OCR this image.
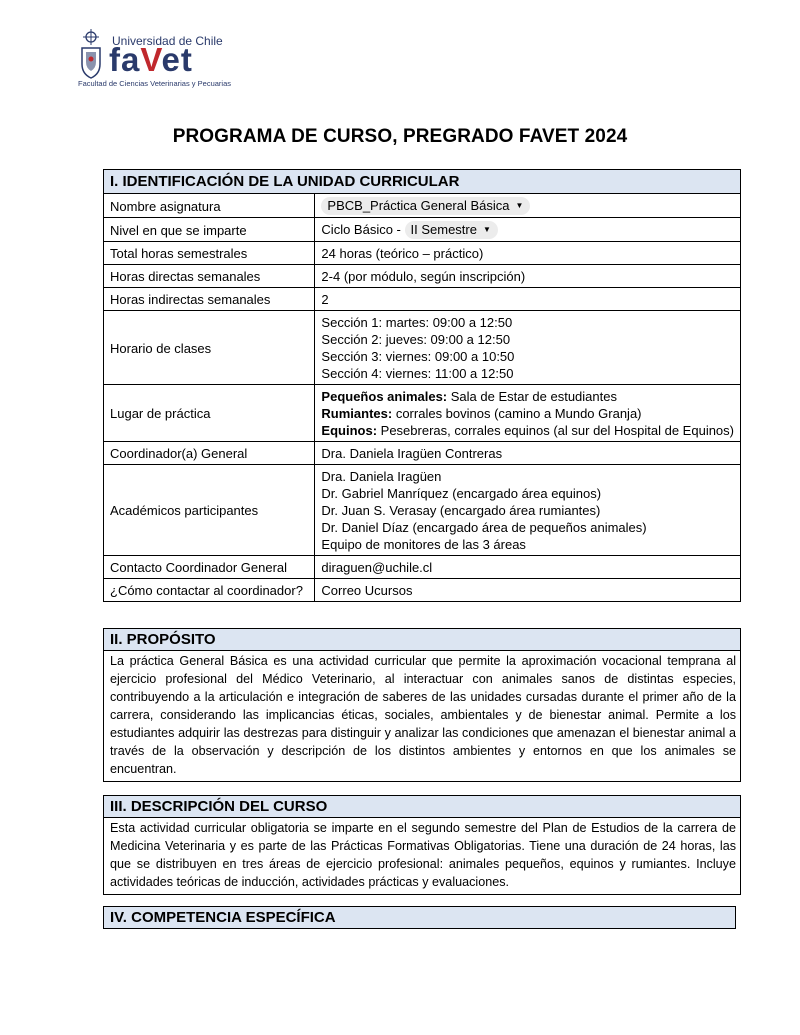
Universidad de Chile
faVet
Facultad de Ciencias Veterinarias y Pecuarias
PROGRAMA DE CURSO, PREGRADO FAVET 2024
I. IDENTIFICACIÓN DE LA UNIDAD CURRICULAR	
Nombre asignatura	PBCB_Práctica General Básica ▼
Nivel en que se imparte	Ciclo Básico - II Semestre ▼
Total horas semestrales	24 horas (teórico – práctico)
Horas directas semanales	2-4 (por módulo, según inscripción)
Horas indirectas semanales	2
Horario de clases	Sección 1: martes: 09:00 a 12:50
Sección 2: jueves: 09:00 a 12:50
Sección 3: viernes: 09:00 a 10:50
Sección 4: viernes: 11:00 a 12:50

Lugar de práctica	Pequeños animales: Sala de Estar de estudiantes
Rumiantes: corrales bovinos (camino a Mundo Granja)
Equinos: Pesebreras, corrales equinos (al sur del Hospital de Equinos)

Coordinador(a) General	Dra. Daniela Iragüen Contreras
Académicos participantes	Dra. Daniela Iragüen
Dr. Gabriel Manríquez (encargado área equinos)
Dr. Juan S. Verasay (encargado área rumiantes)
Dr. Daniel Díaz (encargado área de pequeños animales)
Equipo de monitores de las 3 áreas

Contacto Coordinador General	diraguen@uchile.cl
¿Cómo contactar al coordinador?	Correo Ucursos
II. PROPÓSITO
La práctica General Básica es una actividad curricular que permite la aproximación vocacional temprana al ejercicio profesional del Médico Veterinario, al interactuar con animales sanos de distintas especies, contribuyendo a la articulación e integración de saberes de las unidades cursadas durante el primer año de la carrera, considerando las implicancias éticas, sociales, ambientales y de bienestar animal. Permite a los estudiantes adquirir las destrezas para distinguir y analizar las condiciones que amenazan el bienestar animal a través de la observación y descripción de los distintos ambientes y entornos en que los animales se encuentran.
III. DESCRIPCIÓN DEL CURSO
Esta actividad curricular obligatoria se imparte en el segundo semestre del Plan de Estudios de la carrera de Medicina Veterinaria y es parte de las Prácticas Formativas Obligatorias. Tiene una duración de 24 horas, las que se distribuyen en tres áreas de ejercicio profesional: animales pequeños, equinos y rumiantes. Incluye actividades teóricas de inducción, actividades prácticas y evaluaciones.
IV. COMPETENCIA ESPECÍFICA
